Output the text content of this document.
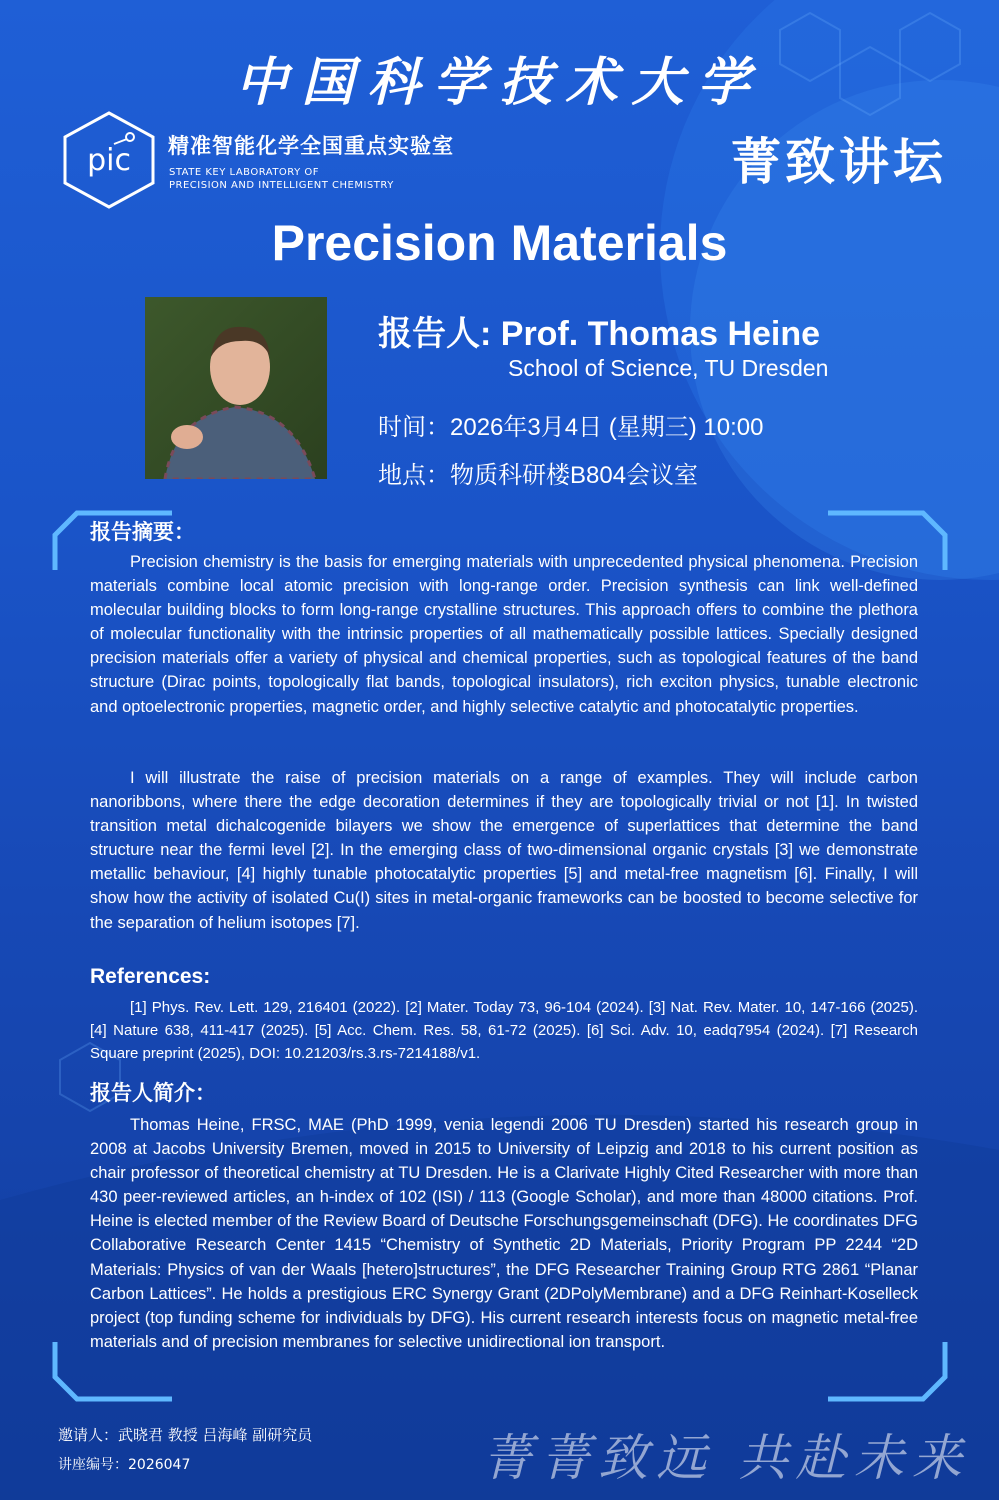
中国科学技术大学
pic 精准智能化学全国重点实验室
STATE KEY LABORATORY OF
PRECISION AND INTELLIGENT CHEMISTRY	菁致讲坛
Precision Materials
报告人: Prof. Thomas Heine
School of Science, TU Dresden
时间：2026年3月4日 (星期三) 10:00
地点：物质科研楼B804会议室
报告摘要：
Precision chemistry is the basis for emerging materials with unprecedented physical phenomena. Precision materials combine local atomic precision with long-range order. Precision synthesis can link well-defined molecular building blocks to form long-range crystalline structures. This approach offers to combine the plethora of molecular functionality with the intrinsic properties of all mathematically possible lattices. Specially designed precision materials offer a variety of physical and chemical properties, such as topological features of the band structure (Dirac points, topologically flat bands, topological insulators), rich exciton physics, tunable electronic and optoelectronic properties, magnetic order, and highly selective catalytic and photocatalytic properties.
I will illustrate the raise of precision materials on a range of examples. They will include carbon nanoribbons, where there the edge decoration determines if they are topologically trivial or not [1]. In twisted transition metal dichalcogenide bilayers we show the emergence of superlattices that determine the band structure near the fermi level [2]. In the emerging class of two-dimensional organic crystals [3] we demonstrate metallic behaviour, [4] highly tunable photocatalytic properties [5] and metal-free magnetism [6]. Finally, I will show how the activity of isolated Cu(I) sites in metal-organic frameworks can be boosted to become selective for the separation of helium isotopes [7].
References:
[1] Phys. Rev. Lett. 129, 216401 (2022). [2] Mater. Today 73, 96-104 (2024). [3] Nat. Rev. Mater. 10, 147-166 (2025). [4] Nature 638, 411-417 (2025). [5] Acc. Chem. Res. 58, 61-72 (2025). [6] Sci. Adv. 10, eadq7954 (2024). [7] Research Square preprint (2025), DOI: 10.21203/rs.3.rs-7214188/v1.
报告人简介：
Thomas Heine, FRSC, MAE (PhD 1999, venia legendi 2006 TU Dresden) started his research group in 2008 at Jacobs University Bremen, moved in 2015 to University of Leipzig and 2018 to his current position as chair professor of theoretical chemistry at TU Dresden. He is a Clarivate Highly Cited Researcher with more than 430 peer-reviewed articles, an h-index of 102 (ISI) / 113 (Google Scholar), and more than 48000 citations. Prof. Heine is elected member of the Review Board of Deutsche Forschungsgemeinschaft (DFG). He coordinates DFG Collaborative Research Center 1415 “Chemistry of Synthetic 2D Materials, Priority Program PP 2244 “2D Materials: Physics of van der Waals [hetero]structures”, the DFG Researcher Training Group RTG 2861 “Planar Carbon Lattices”. He holds a prestigious ERC Synergy Grant (2DPolyMembrane) and a DFG Reinhart-Koselleck project (top funding scheme for individuals by DFG). His current research interests focus on magnetic metal-free materials and of precision membranes for selective unidirectional ion transport.
邀请人：武晓君 教授 吕海峰 副研究员
讲座编号：2026047	菁菁致远 共赴未来
